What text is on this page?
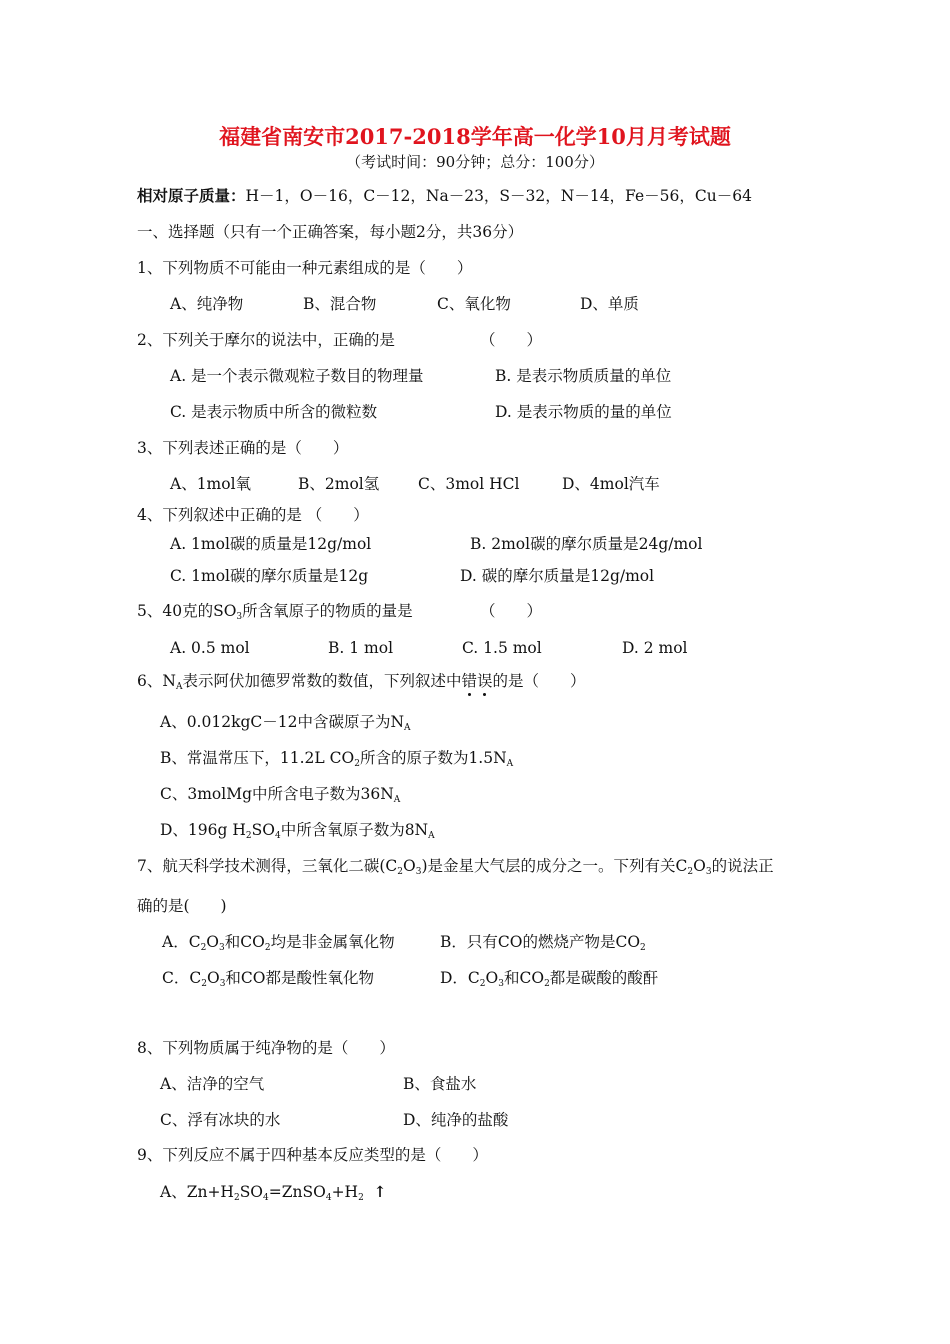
福建省南安市2017-2018学年高一化学10月月考试题
（考试时间：90分钟；总分：100分）
相对原子质量：H－1，O－16，C－12，Na－23，S－32，N－14，Fe－56，Cu－64
一、选择题（只有一个正确答案，每小题2分，共36分）
1、下列物质不可能由一种元素组成的是（　　）
A、纯净物	B、混合物	C、氧化物	D、单质
2、下列关于摩尔的说法中，正确的是	（　　）
A. 是一个表示微观粒子数目的物理量	B. 是表示物质质量的单位
C. 是表示物质中所含的微粒数	D. 是表示物质的量的单位
3、下列表述正确的是（　　）
A、1mol氧	B、2mol氢	C、3mol HCl	D、4mol汽车
4、下列叙述中正确的是 （　　）
A. 1mol碳的质量是12g/mol	B. 2mol碳的摩尔质量是24g/mol
C. 1mol碳的摩尔质量是12g	D. 碳的摩尔质量是12g/mol
5、40克的$SO_3$所含氧原子的物质的量是	（　　）
A. 0.5 mol	B. 1 mol	C. 1.5 mol	D. 2 mol
6、$N_A$表示阿伏加德罗常数的数值，下列叙述中错误的是（　　）
A、0.012kgC－12中含碳原子为$N_A$
B、常温常压下，11.2L $CO_2$所含的原子数为$1.5N_A$
C、3molMg中所含电子数为$36N_A$
D、196g $H_2SO_4$中所含氧原子数为$8N_A$
7、航天科学技术测得，三氧化二碳$(C_2O_3)$是金星大气层的成分之一。下列有关$C_2O_3$的说法正
确的是(　　)
A．$C_2O_3$和$CO_2$均是非金属氧化物	B．只有CO的燃烧产物是$CO_2$
C．$C_2O_3$和CO都是酸性氧化物	D．$C_2O_3$和$CO_2$都是碳酸的酸酐
8、下列物质属于纯净物的是（　　）
A、洁净的空气	B、食盐水
C、浮有冰块的水	D、纯净的盐酸
9、下列反应不属于四种基本反应类型的是（　　）
A、$Zn+H_2SO_4=ZnSO_4+H_2$ ↑
